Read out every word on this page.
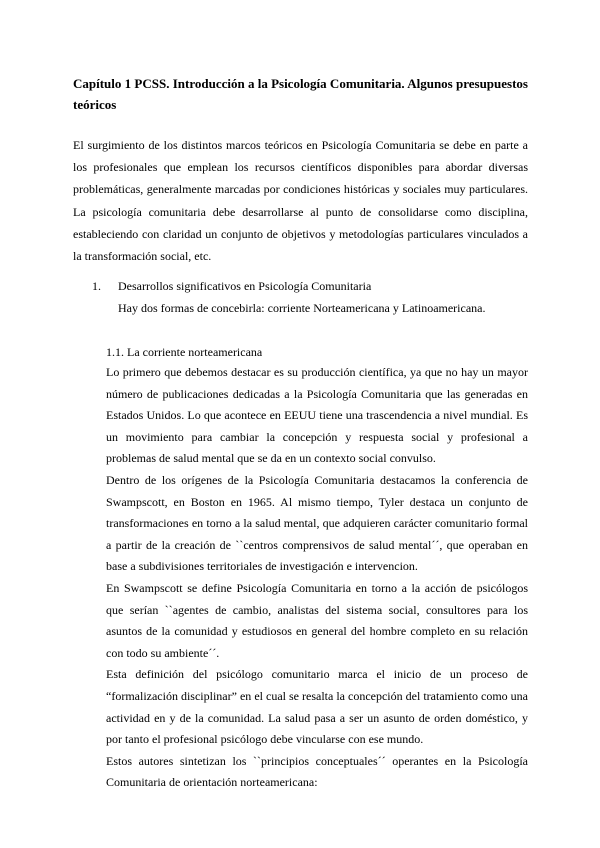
Capítulo 1 PCSS. Introducción a la Psicología Comunitaria. Algunos presupuestos teóricos

El surgimiento de los distintos marcos teóricos en Psicología Comunitaria se debe en parte a los profesionales que emplean los recursos científicos disponibles para abordar diversas problemáticas, generalmente marcadas por condiciones históricas y sociales muy particulares. La psicología comunitaria debe desarrollarse al punto de consolidarse como disciplina, estableciendo con claridad un conjunto de objetivos y metodologías particulares vinculados a la transformación social, etc.

1. Desarrollos significativos en Psicología Comunitaria

Hay dos formas de concebirla: corriente Norteamericana y Latinoamericana.

1.1. La corriente norteamericana

Lo primero que debemos destacar es su producción científica, ya que no hay un mayor número de publicaciones dedicadas a la Psicología Comunitaria que las generadas en Estados Unidos. Lo que acontece en EEUU tiene una trascendencia a nivel mundial. Es un movimiento para cambiar la concepción y respuesta social y profesional a problemas de salud mental que se da en un contexto social convulso.

Dentro de los orígenes de la Psicología Comunitaria destacamos la conferencia de Swampscott, en Boston en 1965. Al mismo tiempo, Tyler destaca un conjunto de transformaciones en torno a la salud mental, que adquieren carácter comunitario formal a partir de la creación de ``centros comprensivos de salud mental´´, que operaban en base a subdivisiones territoriales de investigación e intervencion.

En Swampscott se define Psicología Comunitaria en torno a la acción de psicólogos que serían ``agentes de cambio, analistas del sistema social, consultores para los asuntos de la comunidad y estudiosos en general del hombre completo en su relación con todo su ambiente´´.

Esta definición del psicólogo comunitario marca el inicio de un proceso de “formalización disciplinar” en el cual se resalta la concepción del tratamiento como una actividad en y de la comunidad. La salud pasa a ser un asunto de orden doméstico, y por tanto el profesional psicólogo debe vincularse con ese mundo.

Estos autores sintetizan los ``principios conceptuales´´ operantes en la Psicología Comunitaria de orientación norteamericana:
